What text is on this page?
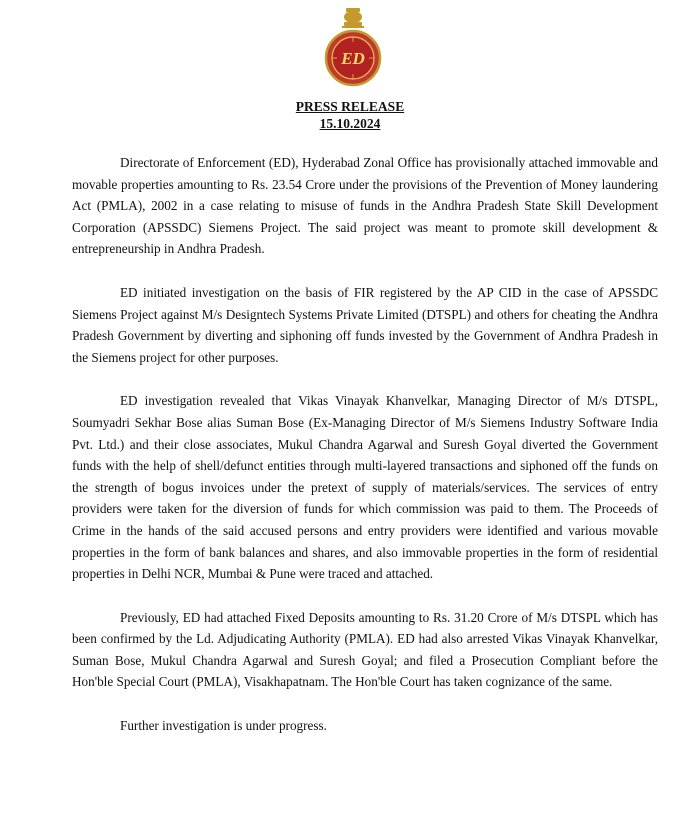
ED
PRESS RELEASE
15.10.2024

Directorate of Enforcement (ED), Hyderabad Zonal Office has provisionally attached immovable and movable properties amounting to Rs. 23.54 Crore under the provisions of the Prevention of Money laundering Act (PMLA), 2002 in a case relating to misuse of funds in the Andhra Pradesh State Skill Development Corporation (APSSDC) Siemens Project. The said project was meant to promote skill development & entrepreneurship in Andhra Pradesh.

ED initiated investigation on the basis of FIR registered by the AP CID in the case of APSSDC Siemens Project against M/s Designtech Systems Private Limited (DTSPL) and others for cheating the Andhra Pradesh Government by diverting and siphoning off funds invested by the Government of Andhra Pradesh in the Siemens project for other purposes.

ED investigation revealed that Vikas Vinayak Khanvelkar, Managing Director of M/s DTSPL, Soumyadri Sekhar Bose alias Suman Bose (Ex-Managing Director of M/s Siemens Industry Software India Pvt. Ltd.) and their close associates, Mukul Chandra Agarwal and Suresh Goyal diverted the Government funds with the help of shell/defunct entities through multi-layered transactions and siphoned off the funds on the strength of bogus invoices under the pretext of supply of materials/services. The services of entry providers were taken for the diversion of funds for which commission was paid to them. The Proceeds of Crime in the hands of the said accused persons and entry providers were identified and various movable properties in the form of bank balances and shares, and also immovable properties in the form of residential properties in Delhi NCR, Mumbai & Pune were traced and attached.

Previously, ED had attached Fixed Deposits amounting to Rs. 31.20 Crore of M/s DTSPL which has been confirmed by the Ld. Adjudicating Authority (PMLA). ED had also arrested Vikas Vinayak Khanvelkar, Suman Bose, Mukul Chandra Agarwal and Suresh Goyal; and filed a Prosecution Compliant before the Hon'ble Special Court (PMLA), Visakhapatnam. The Hon'ble Court has taken cognizance of the same.

Further investigation is under progress.
